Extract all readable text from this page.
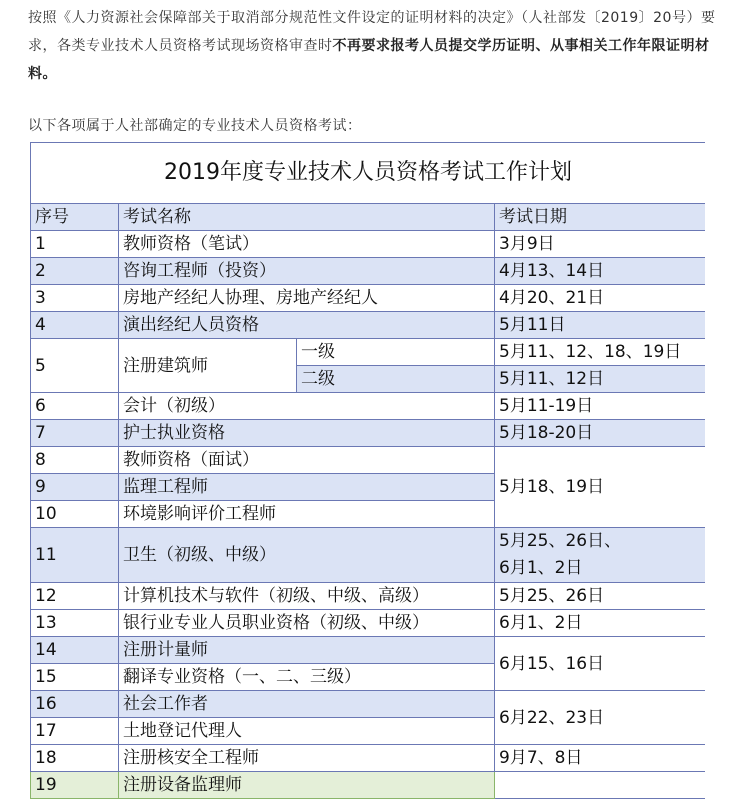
按照《人力资源社会保障部关于取消部分规范性文件设定的证明材料的决定》（人社部发〔2019〕20号）要求，各类专业技术人员资格考试现场资格审查时不再要求报考人员提交学历证明、从事相关工作年限证明材料。
以下各项属于人社部确定的专业技术人员资格考试：
2019年度专业技术人员资格考试工作计划			
序号	考试名称		考试日期
1	教师资格（笔试）		3月9日
2	咨询工程师（投资）		4月13、14日
3	房地产经纪人协理、房地产经纪人		4月20、21日
4	演出经纪人员资格		5月11日
5	注册建筑师	一级	5月11、12、18、19日
		二级	5月11、12日
6	会计（初级）		5月11-19日
7	护士执业资格		5月18-20日
8	教师资格（面试）		5月18、19日
9	监理工程师		
10	环境影响评价工程师		
11	卫生（初级、中级）		5月25、26日、
6月1、2日

12	计算机技术与软件（初级、中级、高级）		5月25、26日
13	银行业专业人员职业资格（初级、中级）		6月1、2日
14	注册计量师		6月15、16日
15	翻译专业资格（一、二、三级）		
16	社会工作者		6月22、23日
17	土地登记代理人		
18	注册核安全工程师		9月7、8日
19	注册设备监理师		
